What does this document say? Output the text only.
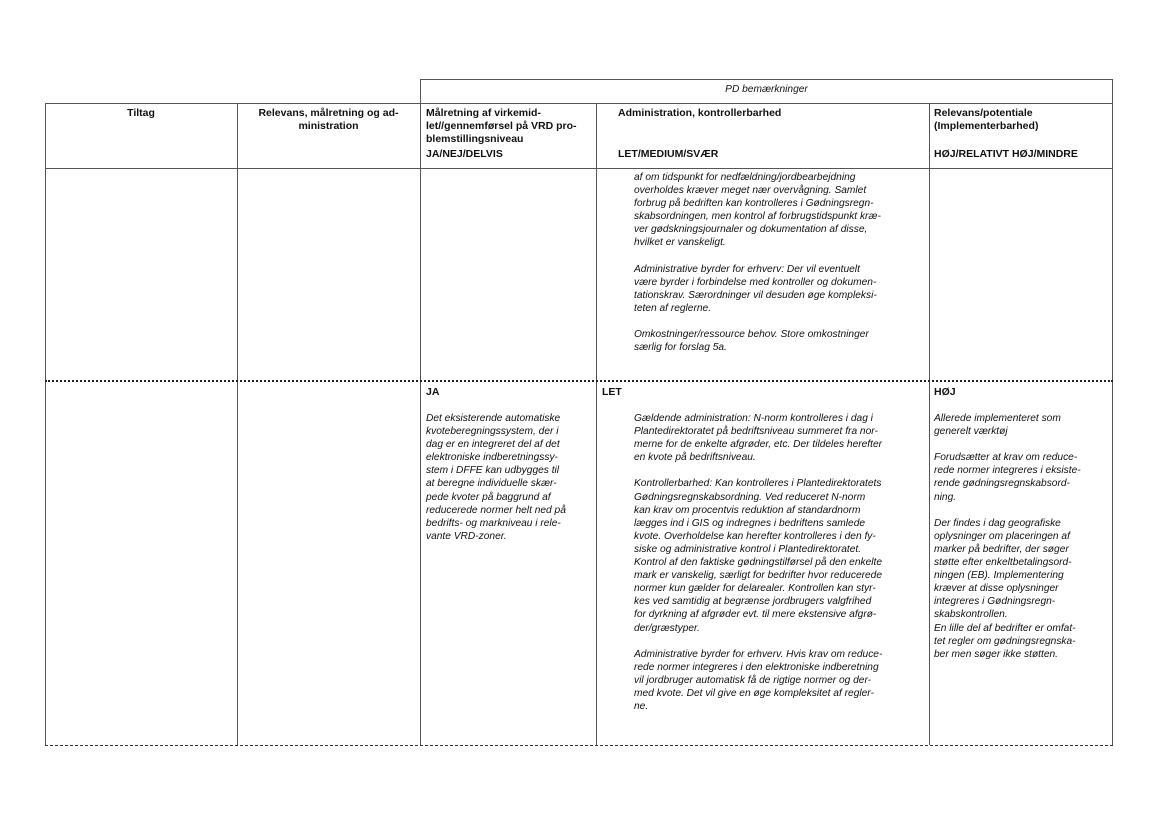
PD bemærkninger
Tiltag	Relevans, målretning og ad-
ministration
Målretning af virkemid-
let//gennemførsel på VRD pro-
blemstillingsniveau
JA/NEJ/DELVIS
Administration, kontrollerbarhed
LET/MEDIUM/SVÆR
Relevans/potentiale
(Implementerbarhed)
HØJ/RELATIVT HØJ/MINDRE
af om tidspunkt for nedfældning/jordbearbejdning
overholdes kræver meget nær overvågning. Samlet
forbrug på bedriften kan kontrolleres i Gødningsregn-
skabsordningen, men kontrol af forbrugstidspunkt kræ-
ver gødskningsjournaler og dokumentation af disse,
hvilket er vanskeligt.

Administrative byrder for erhverv: Der vil eventuelt
være byrder i forbindelse med kontroller og dokumen-
tationskrav. Særordninger vil desuden øge kompleksi-
teten af reglerne.

Omkostninger/ressource behov. Store omkostninger
særlig for forslag 5a.
JA
Det eksisterende automatiske
kvoteberegningssystem, der i
dag er en integreret del af det
elektroniske indberetningssy-
stem i DFFE kan udbygges til
at beregne individuelle skær-
pede kvoter på baggrund af
reducerede normer helt ned på
bedrifts- og markniveau i rele-
vante VRD-zoner.
LET
Gældende administration: N-norm kontrolleres i dag i
Plantedirektoratet på bedriftsniveau summeret fra nor-
merne for de enkelte afgrøder, etc. Der tildeles herefter
en kvote på bedriftsniveau.

Kontrollerbarhed: Kan kontrolleres i Plantedirektoratets
Gødningsregnskabsordning. Ved reduceret N-norm
kan krav om procentvis reduktion af standardnorm
lægges ind i GIS og indregnes i bedriftens samlede
kvote. Overholdelse kan herefter kontrolleres i den fy-
siske og administrative kontrol i Plantedirektoratet.
Kontrol af den faktiske gødningstilførsel på den enkelte
mark er vanskelig, særligt for bedrifter hvor reducerede
normer kun gælder for delarealer. Kontrollen kan styr-
kes ved samtidig at begrænse jordbrugers valgfrihed
for dyrkning af afgrøder evt. til mere ekstensive afgrø-
der/græstyper.

Administrative byrder for erhverv. Hvis krav om reduce-
rede normer integreres i den elektroniske indberetning
vil jordbruger automatisk få de rigtige normer og der-
med kvote. Det vil give en øge kompleksitet af regler-
ne.
HØJ
Allerede implementeret som
generelt værktøj

Forudsætter at krav om reduce-
rede normer integreres i eksiste-
rende gødningsregnskabsord-
ning.

Der findes i dag geografiske
oplysninger om placeringen af
marker på bedrifter, der søger
støtte efter enkeltbetalingsord-
ningen (EB). Implementering
kræver at disse oplysninger
integreres i Gødningsregn-
skabskontrollen.
En lille del af bedrifter er omfat-
tet regler om gødningsregnska-
ber men søger ikke støtten.
